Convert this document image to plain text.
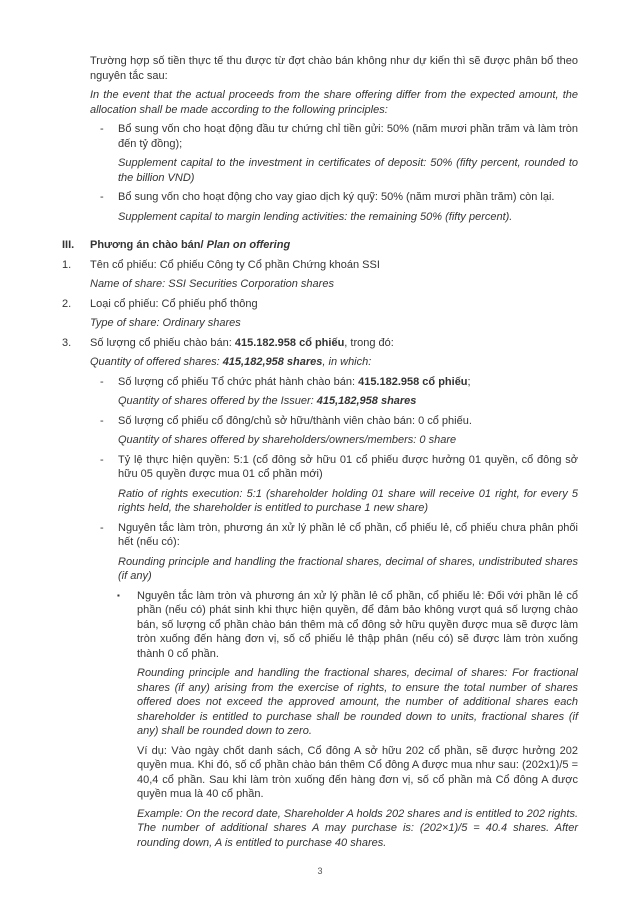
Trường hợp số tiền thực tế thu được từ đợt chào bán không như dự kiến thì sẽ được phân bổ theo nguyên tắc sau:

In the event that the actual proceeds from the share offering differ from the expected amount, the allocation shall be made according to the following principles:

-	Bổ sung vốn cho hoạt động đầu tư chứng chỉ tiền gửi: 50% (năm mươi phần trăm và làm tròn đến tỷ đồng);

Supplement capital to the investment in certificates of deposit: 50% (fifty percent, rounded to the billion VND)

-	Bổ sung vốn cho hoạt động cho vay giao dịch ký quỹ: 50% (năm mươi phần trăm) còn lại.

Supplement capital to margin lending activities: the remaining 50% (fifty percent).

III.	Phương án chào bán/ Plan on offering
1.	Tên cổ phiếu: Cổ phiếu Công ty Cổ phần Chứng khoán SSI

Name of share: SSI Securities Corporation shares

2.	Loại cổ phiếu: Cổ phiếu phổ thông

Type of share: Ordinary shares

3.	Số lượng cổ phiếu chào bán: 415.182.958 cổ phiếu, trong đó:

Quantity of offered shares: 415,182,958 shares, in which:

-	Số lượng cổ phiếu Tổ chức phát hành chào bán: 415.182.958 cổ phiếu;

Quantity of shares offered by the Issuer: 415,182,958 shares

-	Số lượng cổ phiếu cổ đông/chủ sở hữu/thành viên chào bán: 0 cổ phiếu.

Quantity of shares offered by shareholders/owners/members: 0 share

-	Tỷ lệ thực hiện quyền: 5:1 (cổ đông sở hữu 01 cổ phiếu được hưởng 01 quyền, cổ đông sở hữu 05 quyền được mua 01 cổ phần mới)

Ratio of rights execution: 5:1 (shareholder holding 01 share will receive 01 right, for every 5 rights held, the shareholder is entitled to purchase 1 new share)

-	Nguyên tắc làm tròn, phương án xử lý phần lẻ cổ phần, cổ phiếu lẻ, cổ phiếu chưa phân phối hết (nếu có):

Rounding principle and handling the fractional shares, decimal of shares, undistributed shares (if any)

▪	Nguyên tắc làm tròn và phương án xử lý phần lẻ cổ phần, cổ phiếu lẻ: Đối với phần lẻ cổ phần (nếu có) phát sinh khi thực hiện quyền, để đảm bảo không vượt quá số lượng chào bán, số lượng cổ phần chào bán thêm mà cổ đông sở hữu quyền được mua sẽ được làm tròn xuống đến hàng đơn vị, số cổ phiếu lẻ thập phân (nếu có) sẽ được làm tròn xuống thành 0 cổ phần.

Rounding principle and handling the fractional shares, decimal of shares: For fractional shares (if any) arising from the exercise of rights, to ensure the total number of shares offered does not exceed the approved amount, the number of additional shares each shareholder is entitled to purchase shall be rounded down to units, fractional shares (if any) shall be rounded down to zero.

Ví dụ: Vào ngày chốt danh sách, Cổ đông A sở hữu 202 cổ phần, sẽ được hưởng 202 quyền mua. Khi đó, số cổ phần chào bán thêm Cổ đông A được mua như sau: (202x1)/5 = 40,4 cổ phần. Sau khi làm tròn xuống đến hàng đơn vị, số cổ phần mà Cổ đông A được quyền mua là 40 cổ phần.

Example: On the record date, Shareholder A holds 202 shares and is entitled to 202 rights. The number of additional shares A may purchase is: (202×1)/5 = 40.4 shares. After rounding down, A is entitled to purchase 40 shares.

3
